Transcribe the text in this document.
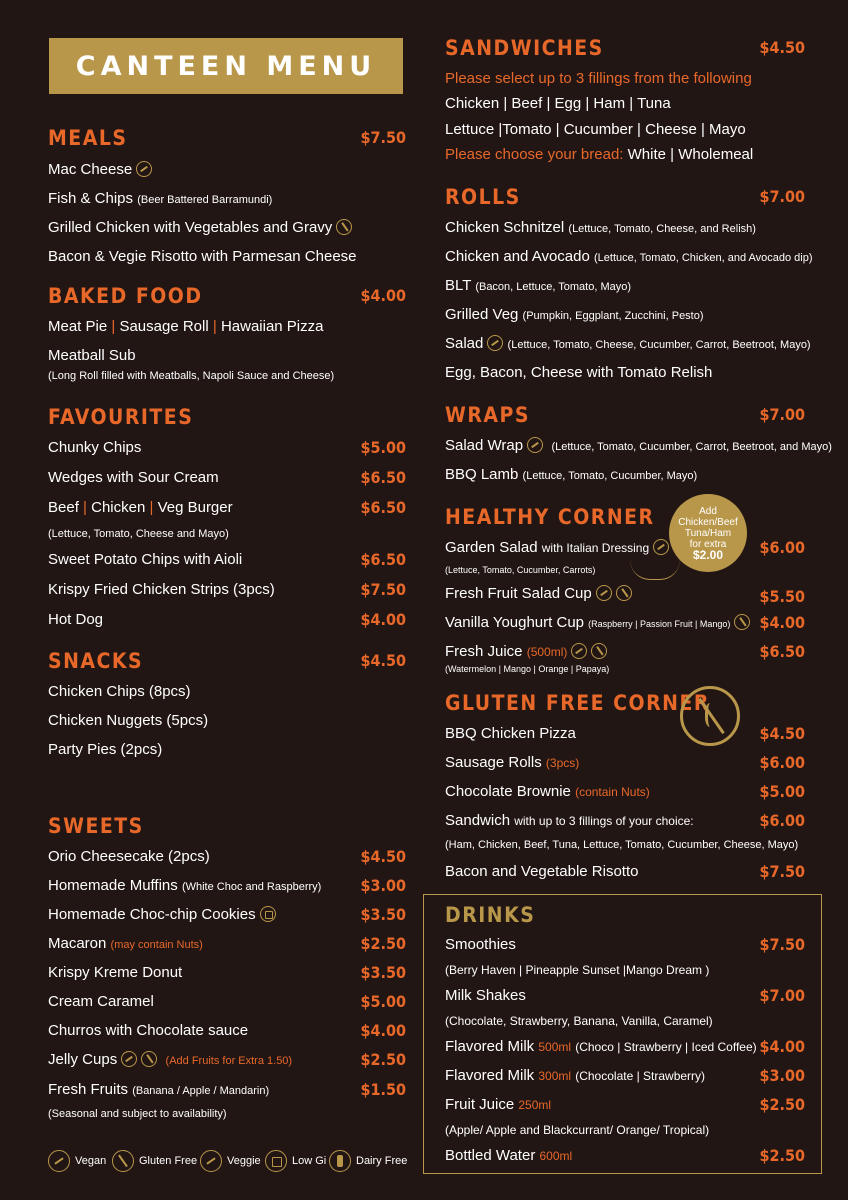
CANTEEN MENU
MEALS	$7.50
Mac Cheese
Fish & Chips (Beer Battered Barramundi)
Grilled Chicken with Vegetables and Gravy
Bacon & Vegie Risotto with Parmesan Cheese
BAKED FOOD	$4.00
Meat Pie | Sausage Roll | Hawaiian Pizza
Meatball Sub
(Long Roll filled with Meatballs, Napoli Sauce and Cheese)
FAVOURITES
Chunky Chips	$5.00
Wedges with Sour Cream	$6.50
Beef | Chicken | Veg Burger	$6.50
(Lettuce, Tomato, Cheese and Mayo)
Sweet Potato Chips with Aioli	$6.50
Krispy Fried Chicken Strips (3pcs)	$7.50
Hot Dog	$4.00
SNACKS	$4.50
Chicken Chips (8pcs)
Chicken Nuggets (5pcs)
Party Pies (2pcs)
SWEETS
Orio Cheesecake (2pcs)	$4.50
Homemade Muffins (White Choc and Raspberry) $3.00
Homemade Choc-chip Cookies	$3.50
Macaron (may contain Nuts)	$2.50
Krispy Kreme Donut	$3.50
Cream Caramel	$5.00
Churros with Chocolate sauce	$4.00
Jelly Cups	(Add Fruits for Extra 1.50)	$2.50
Fresh Fruits (Banana / Apple / Mandarin)	$1.50
(Seasonal and subject to availability)
Vegan	Gluten Free	Veggie	Low Gi	Dairy Free
SANDWICHES	$4.50
Please select up to 3 fillings from the following
Chicken | Beef | Egg | Ham | Tuna
Lettuce |Tomato | Cucumber | Cheese | Mayo
Please choose your bread: White | Wholemeal
ROLLS	$7.00
Chicken Schnitzel (Lettuce, Tomato, Cheese, and Relish)
Chicken and Avocado (Lettuce, Tomato, Chicken, and Avocado dip)
BLT (Bacon, Lettuce, Tomato, Mayo)
Grilled Veg (Pumpkin, Eggplant, Zucchini, Pesto)
Salad (Lettuce, Tomato, Cheese, Cucumber, Carrot, Beetroot, Mayo)
Egg, Bacon, Cheese with Tomato Relish
WRAPS	$7.00
Salad Wrap	(Lettuce, Tomato, Cucumber, Carrot, Beetroot, and Mayo)
BBQ Lamb (Lettuce, Tomato, Cucumber, Mayo)
HEALTHY CORNER
Garden Salad with Italian Dressing	$6.00
(Lettuce, Tomato, Cucumber, Carrots)
Fresh Fruit Salad Cup	$5.50
Vanilla Youghurt Cup (Raspberry | Passion Fruit | Mango) $4.00
Fresh Juice (500ml)	$6.50
(Watermelon | Mango | Orange | Papaya)
GLUTEN FREE CORNER
BBQ Chicken Pizza	$4.50
Sausage Rolls (3pcs)	$6.00
Chocolate Brownie (contain Nuts)	$5.00
Sandwich with up to 3 fillings of your choice:	$6.00
(Ham, Chicken, Beef, Tuna, Lettuce, Tomato, Cucumber, Cheese, Mayo)
Bacon and Vegetable Risotto	$7.50
DRINKS
Smoothies	$7.50
(Berry Haven | Pineapple Sunset |Mango Dream )
Milk Shakes	$7.00
(Chocolate, Strawberry, Banana, Vanilla, Caramel)
Flavored Milk 500ml (Choco | Strawberry | Iced Coffee) $4.00
Flavored Milk 300ml (Chocolate | Strawberry)	$3.00
Fruit Juice 250ml	$2.50
(Apple/ Apple and Blackcurrant/ Orange/ Tropical)
Bottled Water 600ml	$2.50
Add
Chicken/Beef
Tuna/Ham
for extra
$2.00
